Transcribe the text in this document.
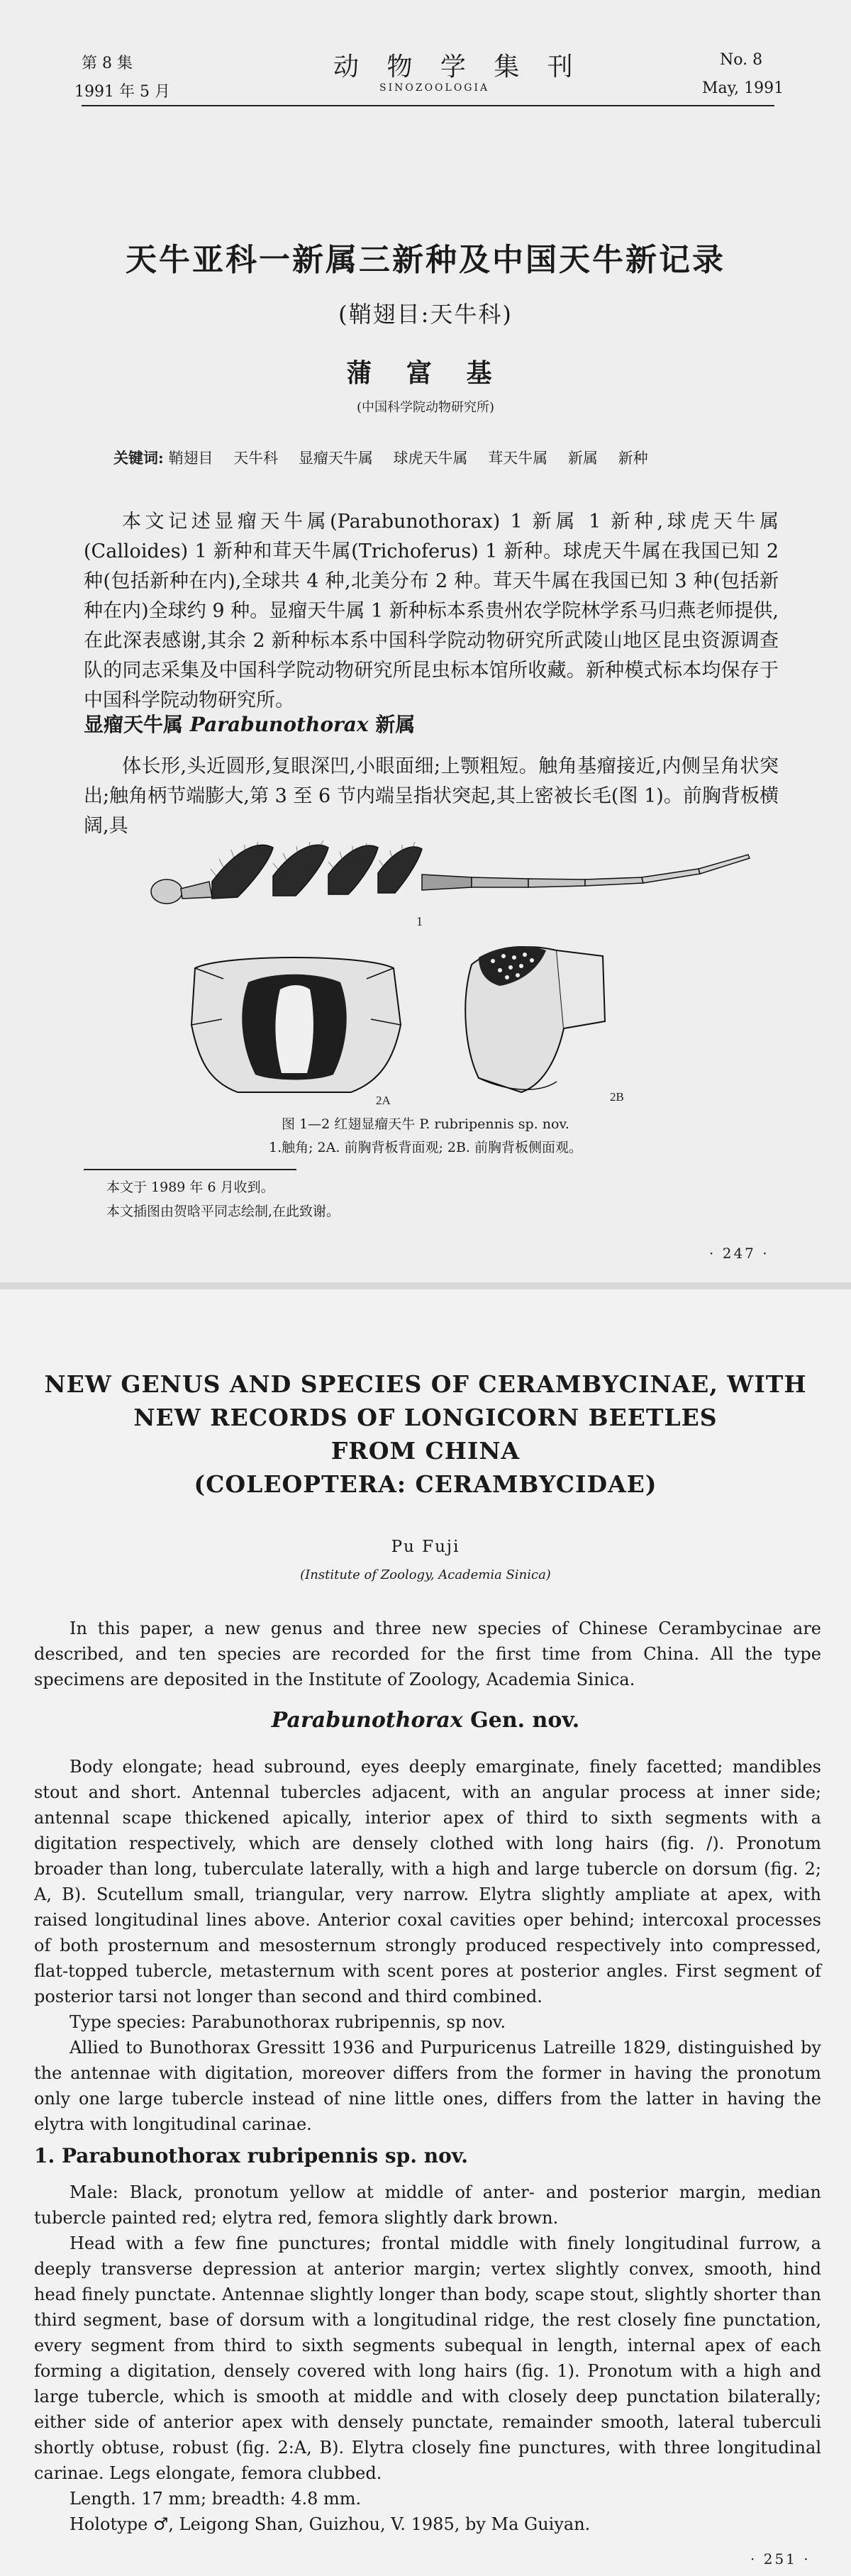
第 8 集
1991 年 5 月
动 物 学 集 刊
SINOZOOLOGIA
No. 8
May, 1991
天牛亚科一新属三新种及中国天牛新记录
(鞘翅目:天牛科)
蒲 富 基
(中国科学院动物研究所)
关键词: 鞘翅目 天牛科 显瘤天牛属 球虎天牛属 茸天牛属 新属 新种
本文记述显瘤天牛属(Parabunothorax) 1 新属 1 新种,球虎天牛属(Calloides) 1 新种和茸天牛属(Trichoferus) 1 新种。球虎天牛属在我国已知 2 种(包括新种在内),全球共 4 种,北美分布 2 种。茸天牛属在我国已知 3 种(包括新种在内)全球约 9 种。显瘤天牛属 1 新种标本系贵州农学院林学系马归燕老师提供,在此深表感谢,其余 2 新种标本系中国科学院动物研究所武陵山地区昆虫资源调查队的同志采集及中国科学院动物研究所昆虫标本馆所收藏。新种模式标本均保存于中国科学院动物研究所。
显瘤天牛属 Parabunothorax 新属
体长形,头近圆形,复眼深凹,小眼面细;上颚粗短。触角基瘤接近,内侧呈角状突出;触角柄节端膨大,第 3 至 6 节内端呈指状突起,其上密被长毛(图 1)。前胸背板横阔,具
1
2A	2B
图 1—2 红翅显瘤天牛 P. rubripennis sp. nov.
1.触角; 2A. 前胸背板背面观; 2B. 前胸背板侧面观。
本文于 1989 年 6 月收到。
本文插图由贺晗平同志绘制,在此致谢。
· 247 ·
NEW GENUS AND SPECIES OF CERAMBYCINAE, WITH
NEW RECORDS OF LONGICORN BEETLES
FROM CHINA
(COLEOPTERA: CERAMBYCIDAE)
Pu Fuji
(Institute of Zoology, Academia Sinica)

In this paper, a new genus and three new species of Chinese Cerambycinae are described, and ten species are recorded for the first time from China. All the type specimens are deposited in the Institute of Zoology, Academia Sinica.

Parabunothorax Gen. nov.

Body elongate; head subround, eyes deeply emarginate, finely facetted; mandibles stout and short. Antennal tubercles adjacent, with an angular process at inner side; antennal scape thickened apically, interior apex of third to sixth segments with a digitation respectively, which are densely clothed with long hairs (fig. /). Pronotum broader than long, tuberculate laterally, with a high and large tubercle on dorsum (fig. 2; A, B). Scutellum small, triangular, very narrow. Elytra slightly ampliate at apex, with raised longitudinal lines above. Anterior coxal cavities oper behind; intercoxal processes of both prosternum and mesosternum strongly produced respectively into compressed, flat-topped tubercle, metasternum with scent pores at posterior angles. First segment of posterior tarsi not longer than second and third combined.

Type species: Parabunothorax rubripennis, sp nov.

Allied to Bunothorax Gressitt 1936 and Purpuricenus Latreille 1829, distinguished by the antennae with digitation, moreover differs from the former in having the pronotum only one large tubercle instead of nine little ones, differs from the latter in having the elytra with longitudinal carinae.

1. Parabunothorax rubripennis sp. nov.

Male: Black, pronotum yellow at middle of anter- and posterior margin, median tubercle painted red; elytra red, femora slightly dark brown.

Head with a few fine punctures; frontal middle with finely longitudinal furrow, a deeply transverse depression at anterior margin; vertex slightly convex, smooth, hind head finely punctate. Antennae slightly longer than body, scape stout, slightly shorter than third segment, base of dorsum with a longitudinal ridge, the rest closely fine punctation, every segment from third to sixth segments subequal in length, internal apex of each forming a digitation, densely covered with long hairs (fig. 1). Pronotum with a high and large tubercle, which is smooth at middle and with closely deep punctation bilaterally; either side of anterior apex with densely punctate, remainder smooth, lateral tuberculi shortly obtuse, robust (fig. 2:A, B). Elytra closely fine punctures, with three longitudinal carinae. Legs elongate, femora clubbed.

Length. 17 mm; breadth: 4.8 mm.

Holotype ♂, Leigong Shan, Guizhou, V. 1985, by Ma Guiyan.

· 251 ·
